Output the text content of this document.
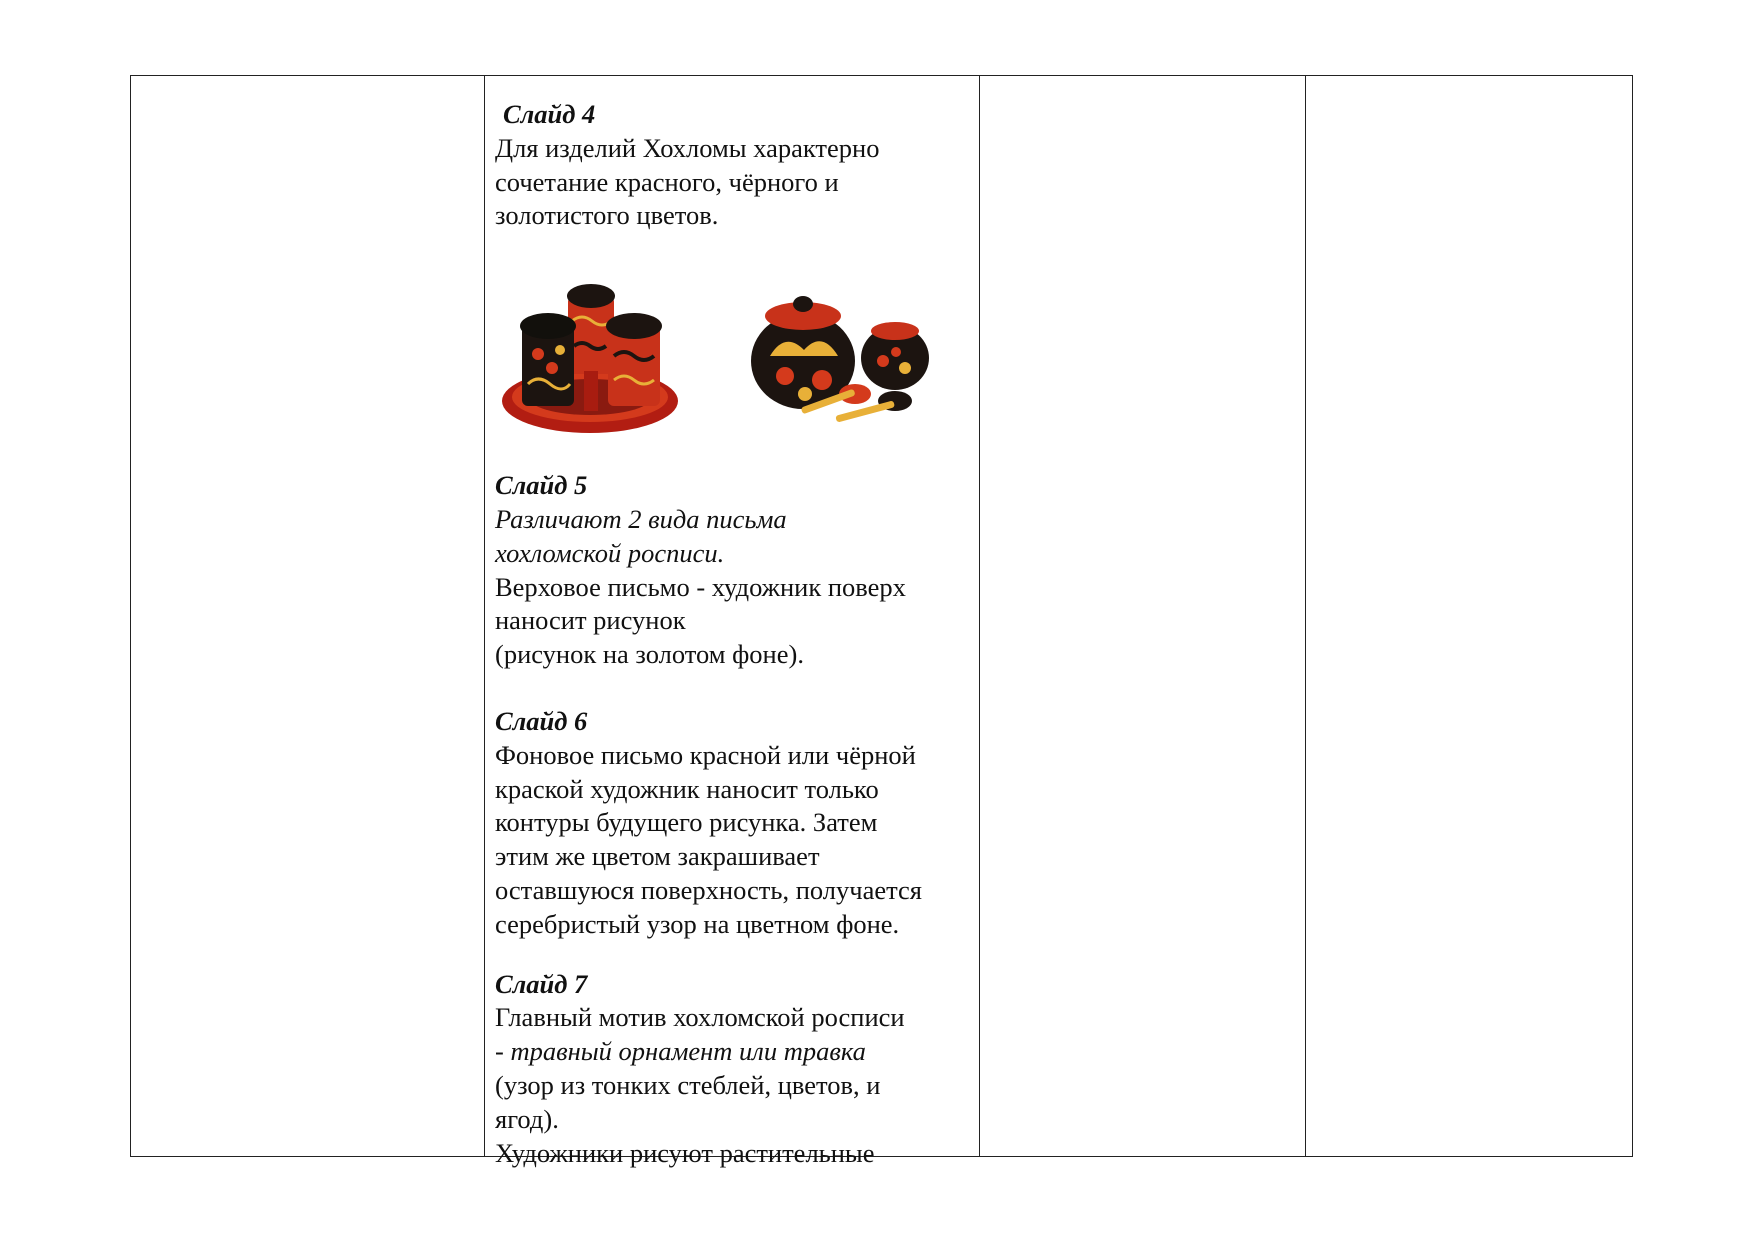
Слайд 4

Для изделий Хохломы характерно

сочетание красного, чёрного и

золотистого цветов.

Слайд 5

Различают 2 вида письма

хохломской росписи.

Верховое письмо - художник поверх

наносит рисунок

(рисунок на золотом фоне).

Слайд 6

Фоновое письмо красной или чёрной

краской художник наносит только

контуры будущего рисунка. Затем

этим же цветом закрашивает

оставшуюся поверхность, получается

серебристый узор на цветном фоне.

Слайд 7

Главный мотив хохломской росписи

- травный орнамент или травка

(узор из тонких стеблей, цветов, и

ягод).

Художники рисуют растительные
